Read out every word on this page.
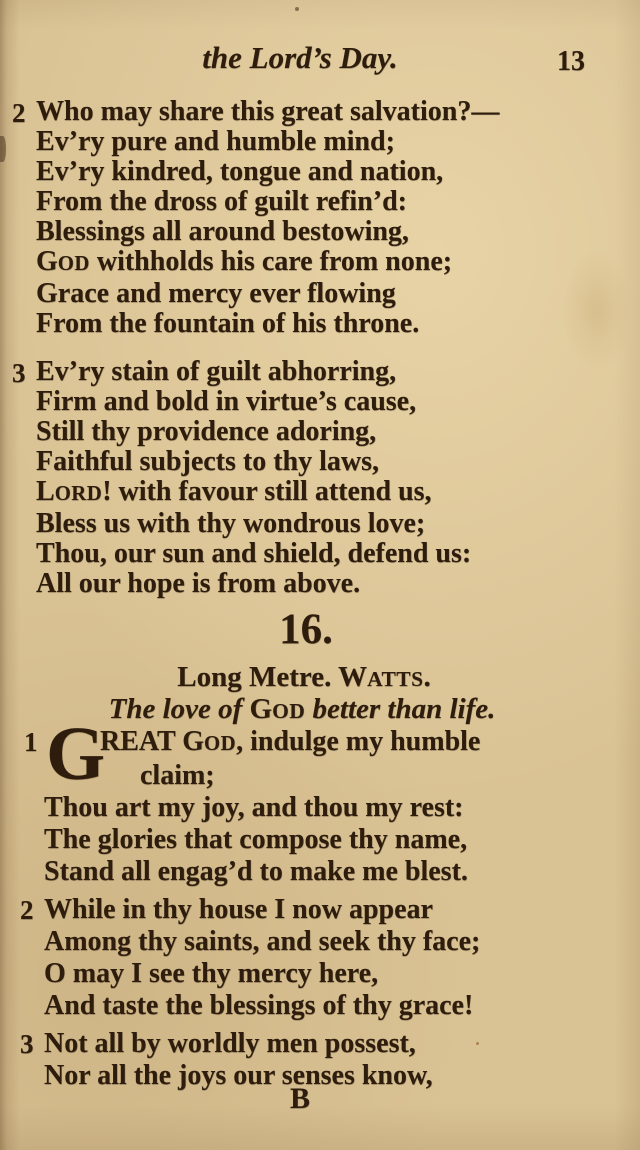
the Lord’s Day.	13
2 Who may share this great salvation?—
Ev’ry pure and humble mind;
Ev’ry kindred, tongue and nation,
From the dross of guilt refin’d:
Blessings all around bestowing,
GOD withholds his care from none;
Grace and mercy ever flowing
From the fountain of his throne.
3 Ev’ry stain of guilt abhorring,
Firm and bold in virtue’s cause,
Still thy providence adoring,
Faithful subjects to thy laws,
LORD! with favour still attend us,
Bless us with thy wondrous love;
Thou, our sun and shield, defend us:
All our hope is from above.
16.
Long Metre. WATTS.
The love of GOD better than life.
1 G
REAT GOD, indulge my humble
claim;
Thou art my joy, and thou my rest:
The glories that compose thy name,
Stand all engag’d to make me blest.
2 While in thy house I now appear
Among thy saints, and seek thy face;
O may I see thy mercy here,
And taste the blessings of thy grace!
3 Not all by worldly men possest,
Nor all the joys our senses know,
B
